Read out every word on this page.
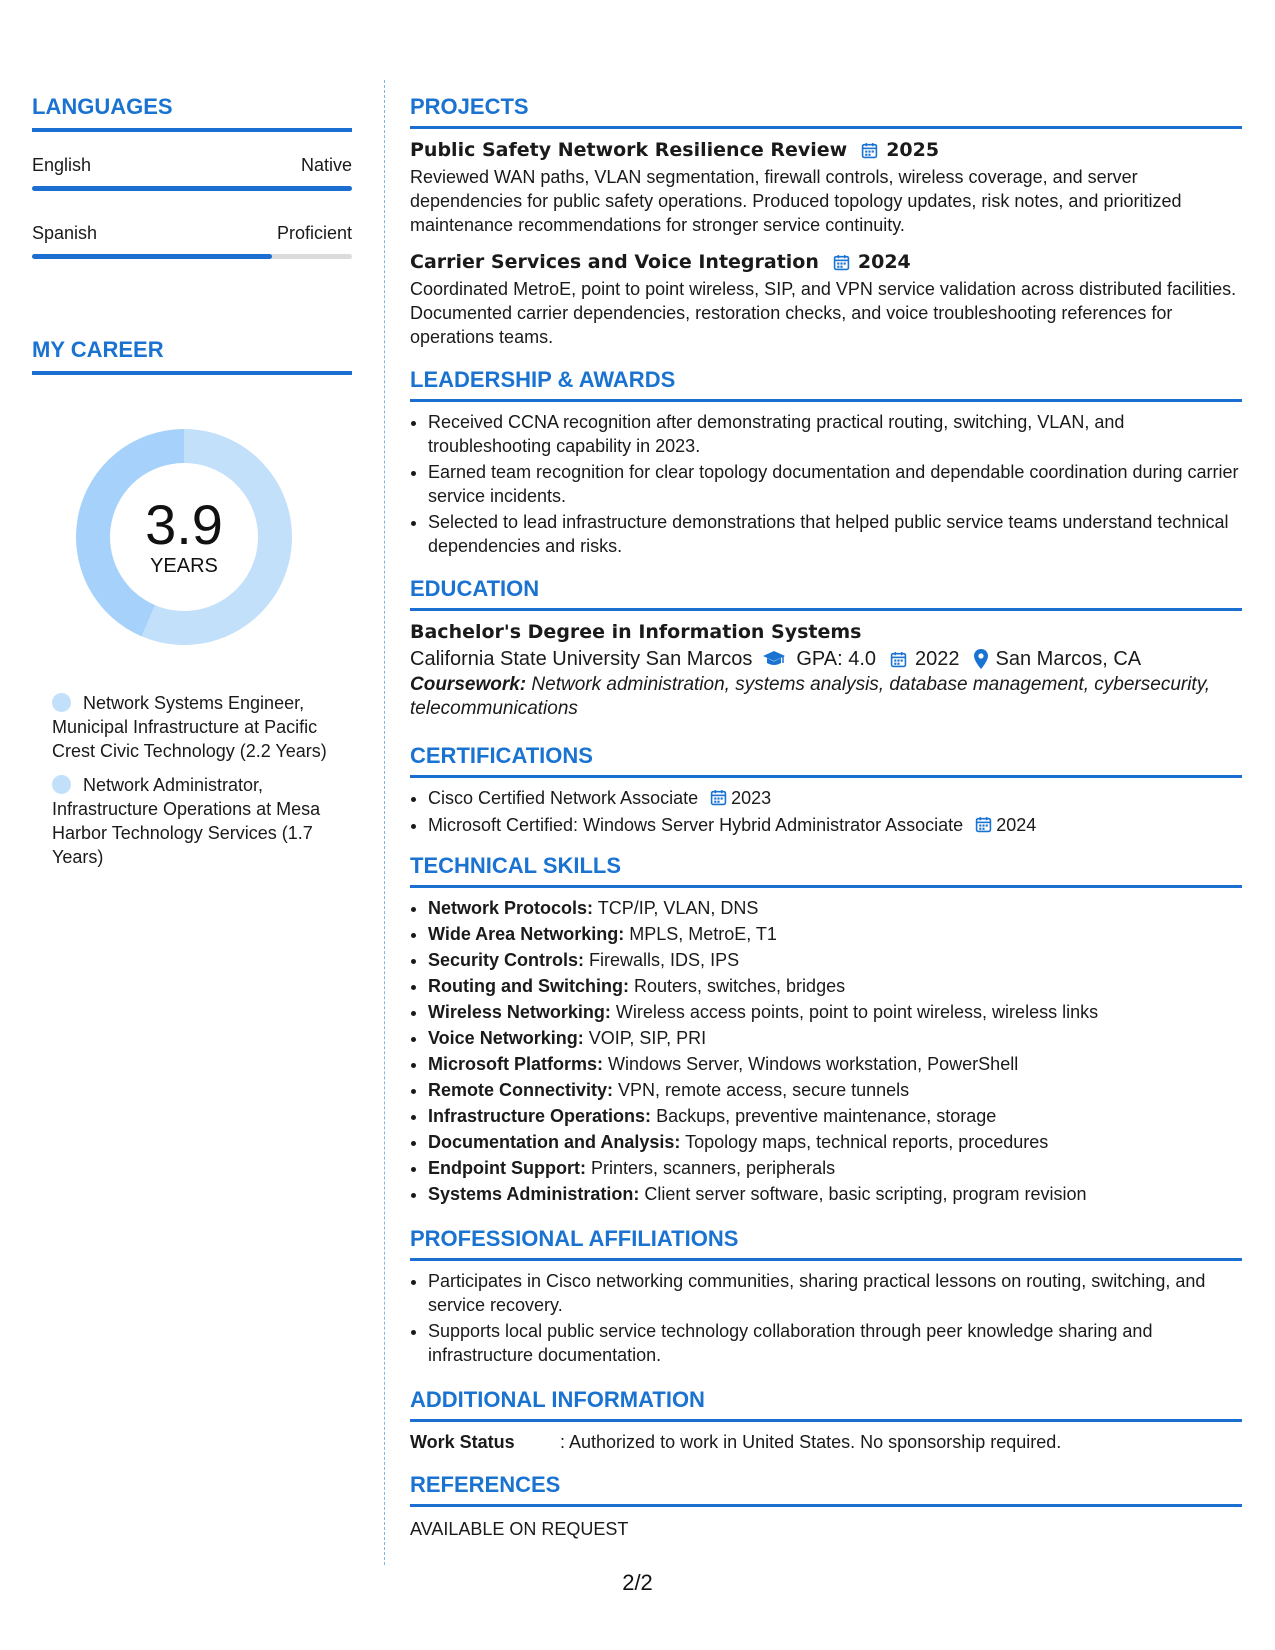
LANGUAGES
English	Native
Spanish	Proficient
MY CAREER
3.9
YEARS
Network Systems Engineer, Municipal Infrastructure at Pacific Crest Civic Technology (2.2 Years)
Network Administrator, Infrastructure Operations at Mesa Harbor Technology Services (1.7 Years)
PROJECTS
Public Safety Network Resilience Review 2025

Reviewed WAN paths, VLAN segmentation, firewall controls, wireless coverage, and server dependencies for public safety operations. Produced topology updates, risk notes, and prioritized maintenance recommendations for stronger service continuity.

Carrier Services and Voice Integration 2024

Coordinated MetroE, point to point wireless, SIP, and VPN service validation across distributed facilities. Documented carrier dependencies, restoration checks, and voice troubleshooting references for operations teams.

LEADERSHIP & AWARDS
• Received CCNA recognition after demonstrating practical routing, switching, VLAN, and troubleshooting capability in 2023.
• Earned team recognition for clear topology documentation and dependable coordination during carrier service incidents.
• Selected to lead infrastructure demonstrations that helped public service teams understand technical dependencies and risks.
EDUCATION
Bachelor's Degree in Information Systems
California State University San Marcos GPA: 4.0 2022 San Marcos, CA
Coursework: Network administration, systems analysis, database management, cybersecurity, telecommunications
CERTIFICATIONS
• Cisco Certified Network Associate 2023
• Microsoft Certified: Windows Server Hybrid Administrator Associate 2024
TECHNICAL SKILLS
• Network Protocols: TCP/IP, VLAN, DNS
• Wide Area Networking: MPLS, MetroE, T1
• Security Controls: Firewalls, IDS, IPS
• Routing and Switching: Routers, switches, bridges
• Wireless Networking: Wireless access points, point to point wireless, wireless links
• Voice Networking: VOIP, SIP, PRI
• Microsoft Platforms: Windows Server, Windows workstation, PowerShell
• Remote Connectivity: VPN, remote access, secure tunnels
• Infrastructure Operations: Backups, preventive maintenance, storage
• Documentation and Analysis: Topology maps, technical reports, procedures
• Endpoint Support: Printers, scanners, peripherals
• Systems Administration: Client server software, basic scripting, program revision
PROFESSIONAL AFFILIATIONS
• Participates in Cisco networking communities, sharing practical lessons on routing, switching, and service recovery.
• Supports local public service technology collaboration through peer knowledge sharing and infrastructure documentation.
ADDITIONAL INFORMATION
Work Status	: Authorized to work in United States. No sponsorship required.
REFERENCES
AVAILABLE ON REQUEST
2/2
